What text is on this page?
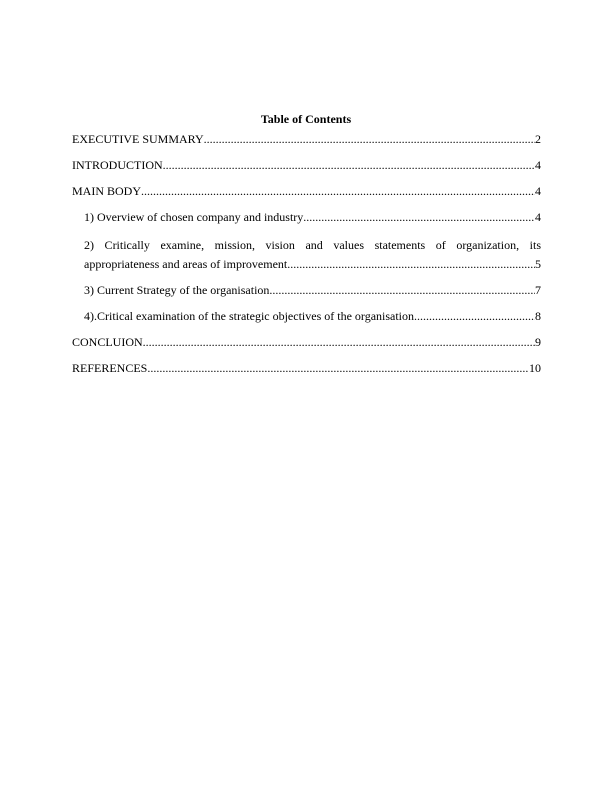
Table of Contents
EXECUTIVE SUMMARY .....	2
INTRODUCTION .....	4
MAIN BODY .....	4
1) Overview of chosen company and industry .....	4
2) Critically examine, mission, vision and values statements of organization, its
appropriateness and areas of improvement .....	5
3) Current Strategy of the organisation .....	7
4).Critical examination of the strategic objectives of the organisation .....	8
CONCLUION .....	9
REFERENCES .....	10
